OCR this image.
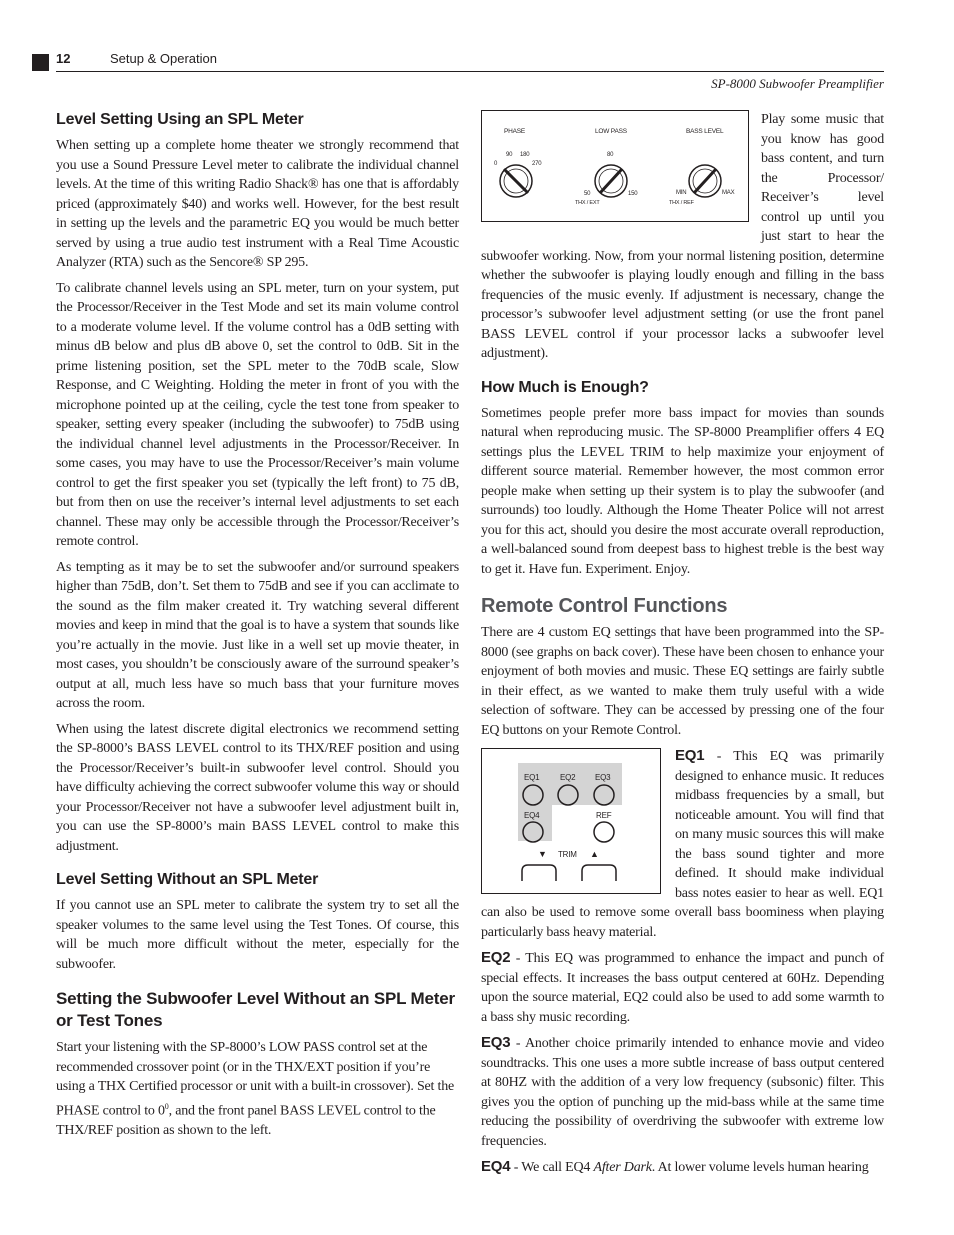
12	Setup & Operation
SP-8000 Subwoofer Preamplifier
Level Setting Using an SPL Meter

When setting up a complete home theater we strongly recommend that you use a Sound Pressure Level meter to calibrate the individual channel levels. At the time of this writing Radio Shack® has one that is affordably priced (approximately $40) and works well. However, for the best result in setting up the levels and the parametric EQ you would be much better served by using a true audio test instrument with a Real Time Acoustic Analyzer (RTA) such as the Sencore® SP 295.

To calibrate channel levels using an SPL meter, turn on your system, put the Processor/Receiver in the Test Mode and set its main volume control to a moderate volume level. If the volume control has a 0dB setting with minus dB below and plus dB above 0, set the control to 0dB. Sit in the prime listening position, set the SPL meter to the 70dB scale, Slow Response, and C Weighting. Holding the meter in front of you with the microphone pointed up at the ceiling, cycle the test tone from speaker to speaker, setting every speaker (including the subwoofer) to 75dB using the individual channel level adjustments in the Processor/Receiver. In some cases, you may have to use the Processor/Receiver’s main volume control to get the first speaker you set (typically the left front) to 75 dB, but from then on use the receiver’s internal level adjustments to set each channel. These may only be accessible through the Processor/Receiver’s remote control.

As tempting as it may be to set the subwoofer and/or surround speakers higher than 75dB, don’t. Set them to 75dB and see if you can acclimate to the sound as the film maker created it. Try watching several different movies and keep in mind that the goal is to have a system that sounds like you’re actually in the movie. Just like in a well set up movie theater, in most cases, you shouldn’t be consciously aware of the surround speaker’s output at all, much less have so much bass that your furniture moves across the room.

When using the latest discrete digital electronics we recommend setting the SP-8000’s BASS LEVEL control to its THX/REF position and using the Processor/Receiver’s built-in subwoofer level control. Should you have difficulty achieving the correct subwoofer volume this way or should your Processor/Receiver not have a subwoofer level adjustment built in, you can use the SP-8000’s main BASS LEVEL control to make this adjustment.

Level Setting Without an SPL Meter

If you cannot use an SPL meter to calibrate the system try to set all the speaker volumes to the same level using the Test Tones. Of course, this will be much more difficult without the meter, especially for the subwoofer.

Setting the Subwoofer Level Without an SPL Meter or Test Tones

Start your listening with the SP-8000’s LOW PASS control set at the recommended crossover point (or in the THX/EXT position if you’re using a THX Certified processor or unit with a built-in crossover). Set the PHASE control to $0^0$, and the front panel BASS LEVEL control to the THX/REF position as shown to the left.

PHASE	LOW PASS	BASS LEVEL
0
90 180
270
80
50	150
THX / EXT
MIN	MAX
THX / REF

Play some music that you know has good bass content, and turn the Processor/ Receiver’s level control up until you just start to hear the subwoofer working. Now, from your normal listening position, determine whether the subwoofer is playing loudly enough and filling in the bass frequencies of the music evenly. If adjustment is necessary, change the processor’s subwoofer level adjustment setting (or use the front panel BASS LEVEL control if your processor lacks a subwoofer level adjustment).

How Much is Enough?

Sometimes people prefer more bass impact for movies than sounds natural when reproducing music. The SP-8000 Preamplifier offers 4 EQ settings plus the LEVEL TRIM to help maximize your enjoyment of different source material. Remember however, the most common error people make when setting up their system is to play the subwoofer (and surrounds) too loudly. Although the Home Theater Police will not arrest you for this act, should you desire the most accurate overall reproduction, a well-balanced sound from deepest bass to highest treble is the best way to get it. Have fun. Experiment. Enjoy.

Remote Control Functions

There are 4 custom EQ settings that have been programmed into the SP-8000 (see graphs on back cover). These have been chosen to enhance your enjoyment of both movies and music. These EQ settings are fairly subtle in their effect, as we wanted to make them truly useful with a wide selection of software. They can be accessed by pressing one of the four EQ buttons on your Remote Control.

EQ1	EQ2 EQ3
EQ4	REF
▼ TRIM ▲

EQ1 - This EQ was primarily designed to enhance music. It reduces midbass frequencies by a small, but noticeable amount. You will find that on many music sources this will make the bass sound tighter and more defined. It should make individual bass notes easier to hear as well. EQ1 can also be used to remove some overall bass boominess when playing particularly bass heavy material.

EQ2 - This EQ was programmed to enhance the impact and punch of special effects. It increases the bass output centered at 60Hz. Depending upon the source material, EQ2 could also be used to add some warmth to a bass shy music recording.

EQ3 - Another choice primarily intended to enhance movie and video soundtracks. This one uses a more subtle increase of bass output centered at 80HZ with the addition of a very low frequency (subsonic) filter. This gives you the option of punching up the mid-bass while at the same time reducing the possibility of overdriving the subwoofer with extreme low frequencies.

EQ4 - We call EQ4 After Dark. At lower volume levels human hearing
